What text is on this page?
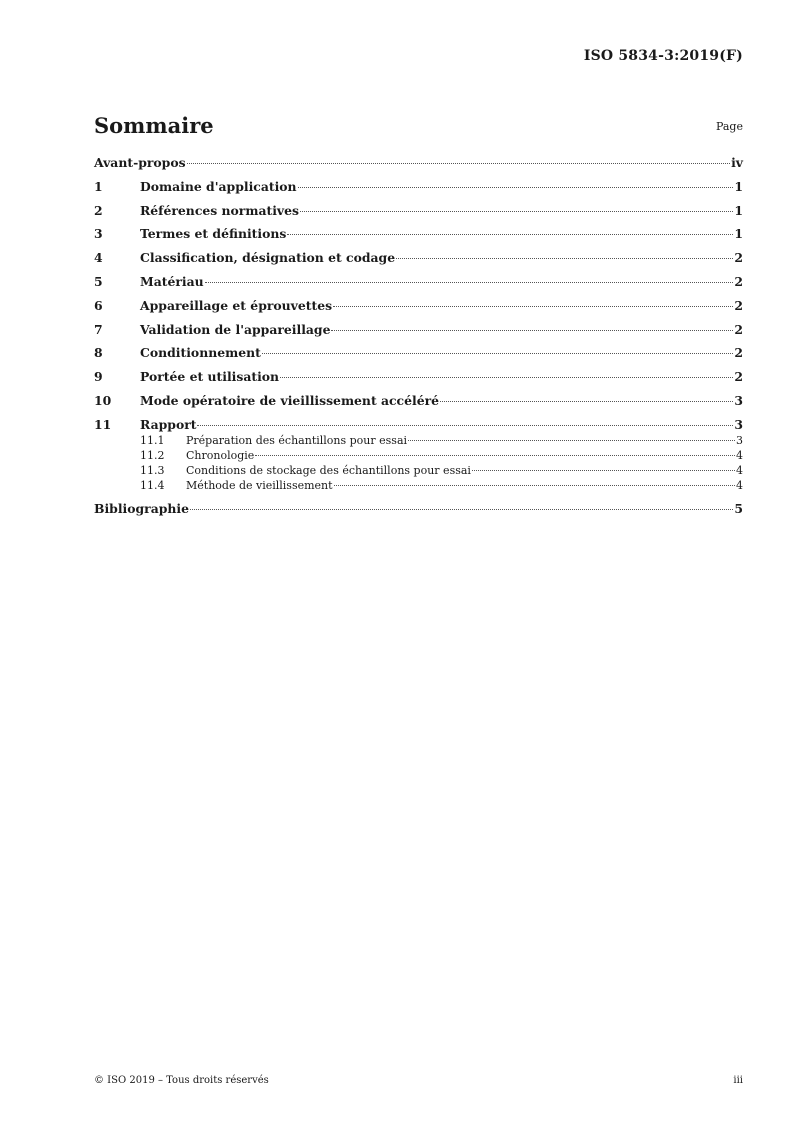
ISO 5834-3:2019(F)
Sommaire	Page
Avant-propos	iv
1	Domaine d'application	1
2	Références normatives	1
3	Termes et définitions	1
4	Classification, désignation et codage	2
5	Matériau	2
6	Appareillage et éprouvettes	2
7	Validation de l'appareillage	2
8	Conditionnement	2
9	Portée et utilisation	2
10	Mode opératoire de vieillissement accéléré	3
11	Rapport	3
11.1	Préparation des échantillons pour essai	3
11.2	Chronologie	4
11.3	Conditions de stockage des échantillons pour essai	4
11.4	Méthode de vieillissement	4
Bibliographie	5
© ISO 2019 – Tous droits réservés	iii
